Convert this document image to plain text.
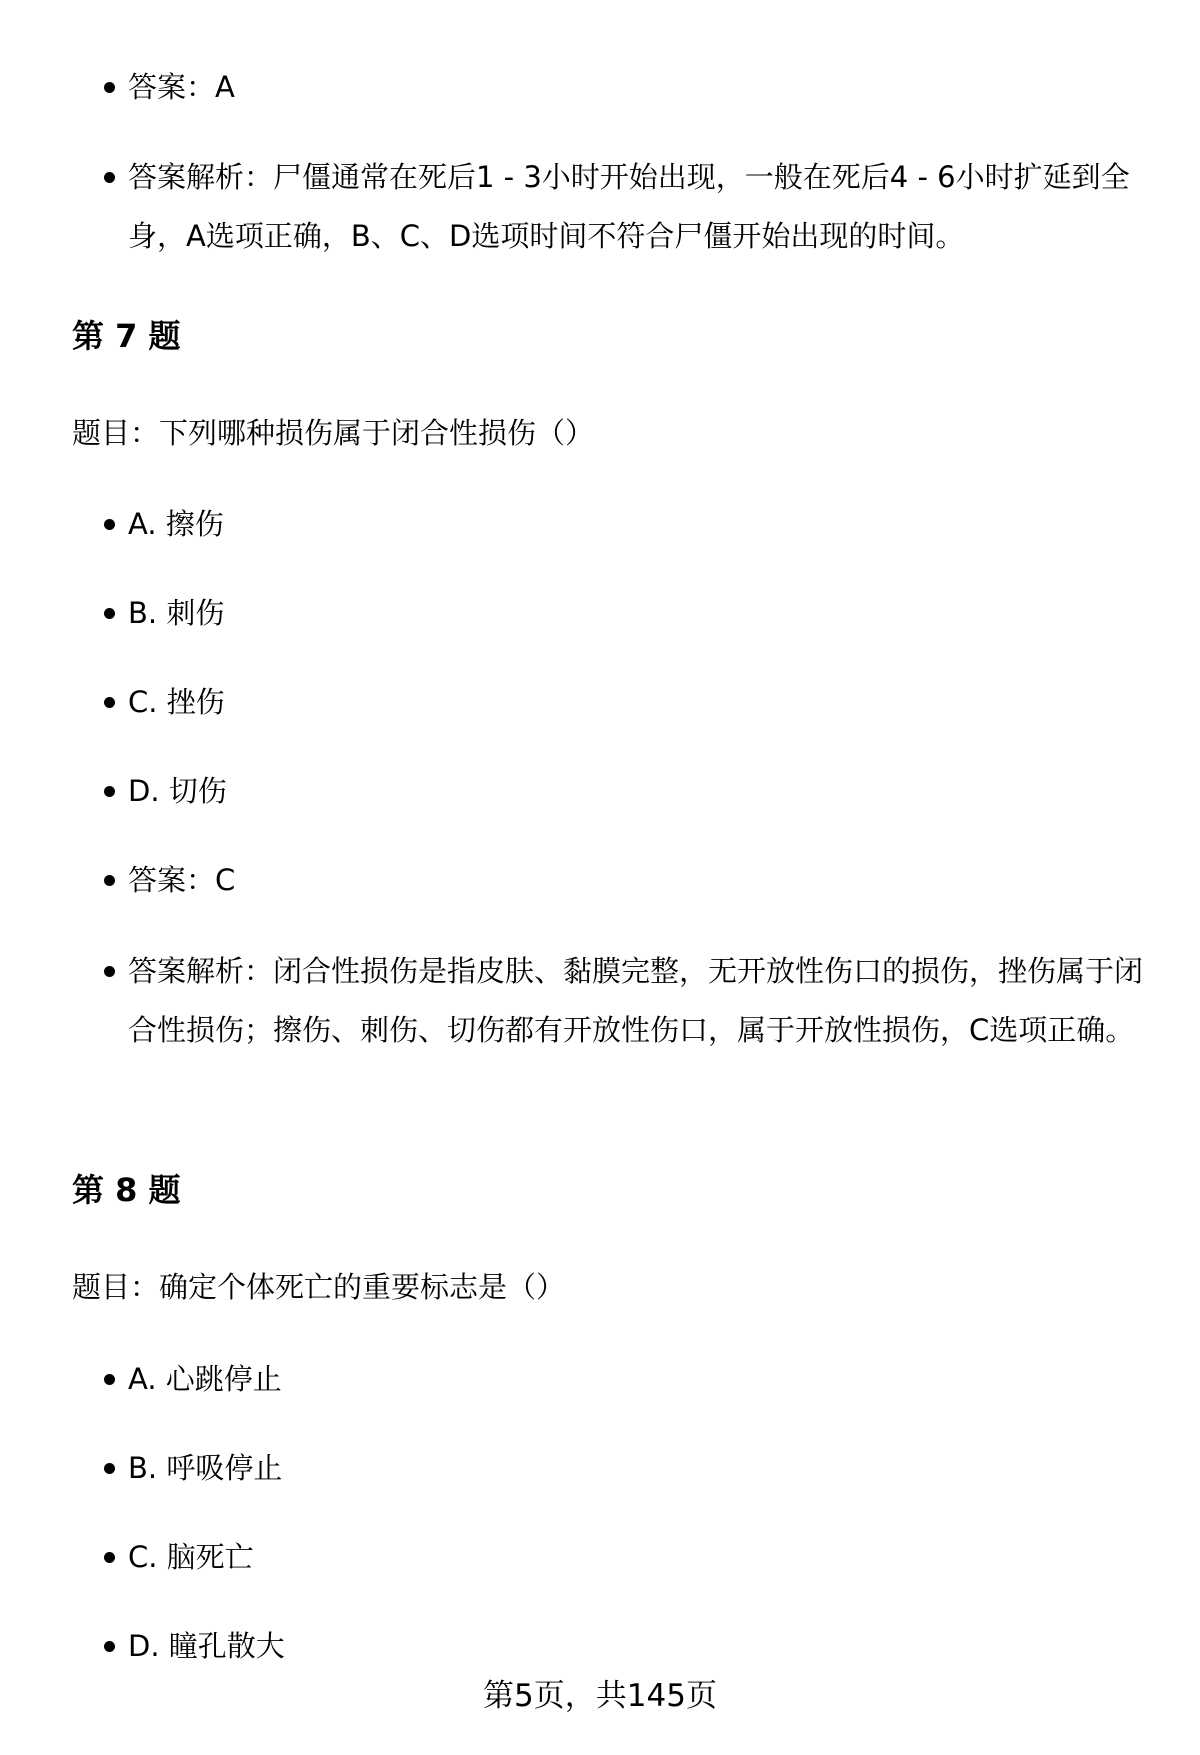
答案：A
答案解析：尸僵通常在死后1 - 3小时开始出现，一般在死后4 - 6小时扩延到全身，A选项正确，B、C、D选项时间不符合尸僵开始出现的时间。
第 7 题

题目：下列哪种损伤属于闭合性损伤（）

A. 擦伤
B. 刺伤
C. 挫伤
D. 切伤
答案：C
答案解析：闭合性损伤是指皮肤、黏膜完整，无开放性伤口的损伤，挫伤属于闭合性损伤；擦伤、刺伤、切伤都有开放性伤口，属于开放性损伤，C选项正确。
第 8 题

题目：确定个体死亡的重要标志是（）

A. 心跳停止
B. 呼吸停止
C. 脑死亡
D. 瞳孔散大
第5页，共145页
